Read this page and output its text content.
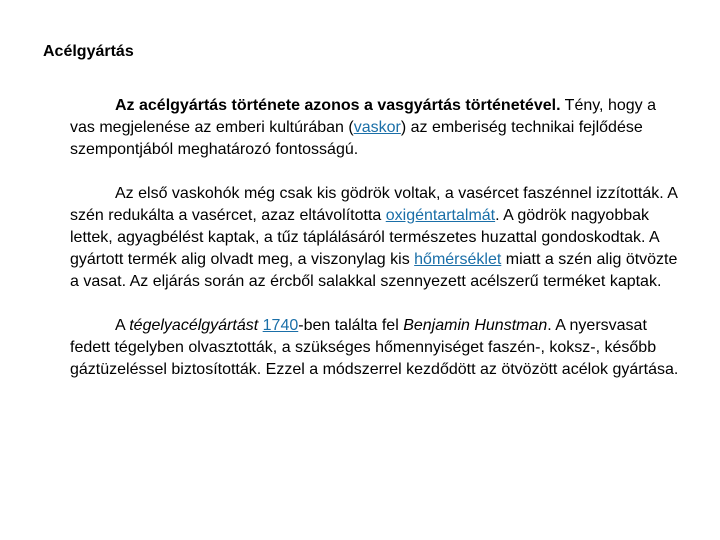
Acélgyártás

Az acélgyártás története azonos a vasgyártás történetével. Tény, hogy a vas megjelenése az emberi kultúrában (vaskor) az emberiség technikai fejlődése szempontjából meghatározó fontosságú.

Az első vaskohók még csak kis gödrök voltak, a vasércet faszénnel izzították. A szén redukálta a vasércet, azaz eltávolította oxigéntartalmát. A gödrök nagyobbak lettek, agyagbélést kaptak, a tűz táplálásáról természetes huzattal gondoskodtak. A gyártott termék alig olvadt meg, a viszonylag kis hőmérséklet miatt a szén alig ötvözte a vasat. Az eljárás során az ércből salakkal szennyezett acélszerű terméket kaptak.

A tégelyacélgyártást 1740-ben találta fel Benjamin Hunstman. A nyersvasat fedett tégelyben olvasztották, a szükséges hőmennyiséget faszén-, koksz-, később gáztüzeléssel biztosították. Ezzel a módszerrel kezdődött az ötvözött acélok gyártása.
